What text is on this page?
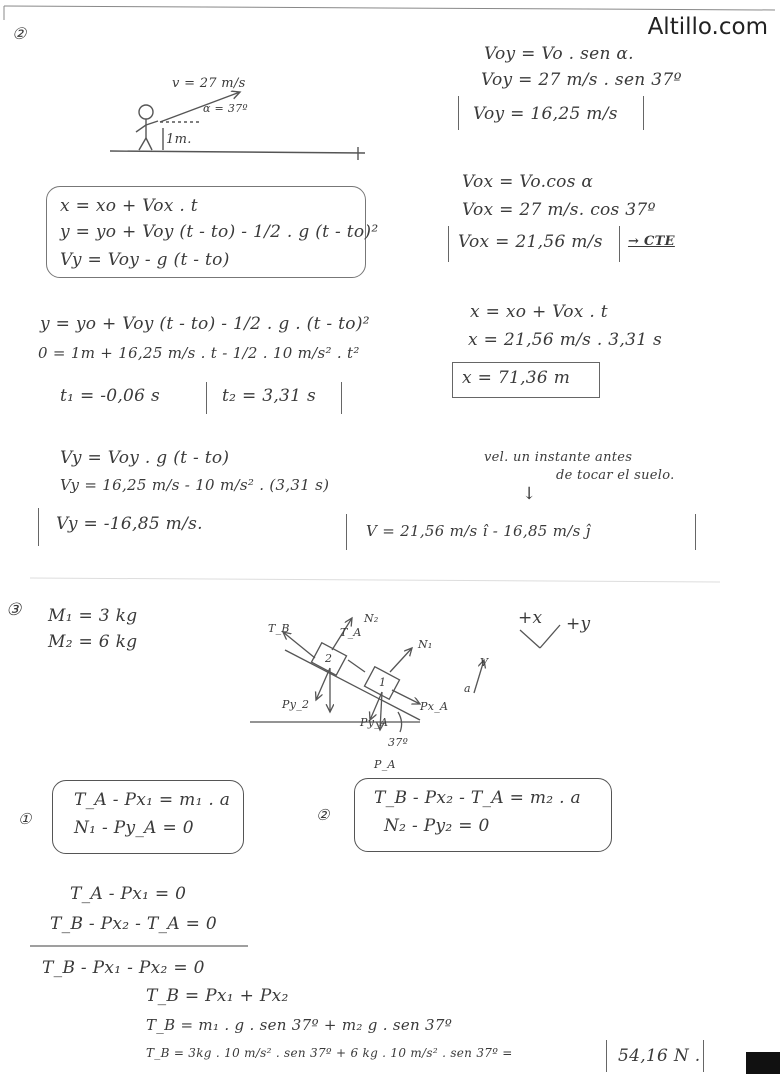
Altillo.com
②
v = 27 m/s
α = 37º
1m.
Voy = Vo . sen α.
Voy = 27 m/s . sen 37º
Voy = 16,25 m/s
Vox = Vo.cos α
Vox = 27 m/s. cos 37º
Vox = 21,56 m/s → CTE
x = xo + Vox . t
y = yo + Voy (t - to) - 1/2 . g (t - to)²
Vy = Voy - g (t - to)
y = yo + Voy (t - to) - 1/2 . g . (t - to)²
0 = 1m + 16,25 m/s . t - 1/2 . 10 m/s² . t²
t₁ = -0,06 s	t₂ = 3,31 s
x = xo + Vox . t
x = 21,56 m/s . 3,31 s
x = 71,36 m
Vy = Voy . g (t - to)
Vy = 16,25 m/s - 10 m/s² . (3,31 s)
Vy = -16,85 m/s.
vel. un instante antes
de tocar el suelo.
↓
V = 21,56 m/s î - 16,85 m/s ĵ
③ M₁ = 3 kg
M₂ = 6 kg
+x +y
T_B
N₂
N₁
T_A
Px_A
Py_2
Py_A
P_A
37º
2
1
V
a
①
T_A - Px₁ = m₁ . a
N₁ - Py_A = 0
②
T_B - Px₂ - T_A = m₂ . a
N₂ - Py₂ = 0
T_A - Px₁ = 0
T_B - Px₂ - T_A = 0
T_B - Px₁ - Px₂ = 0
T_B = Px₁ + Px₂
T_B = m₁ . g . sen 37º + m₂ g . sen 37º
T_B = 3kg . 10 m/s² . sen 37º + 6 kg . 10 m/s² . sen 37º =	54,16 N .
